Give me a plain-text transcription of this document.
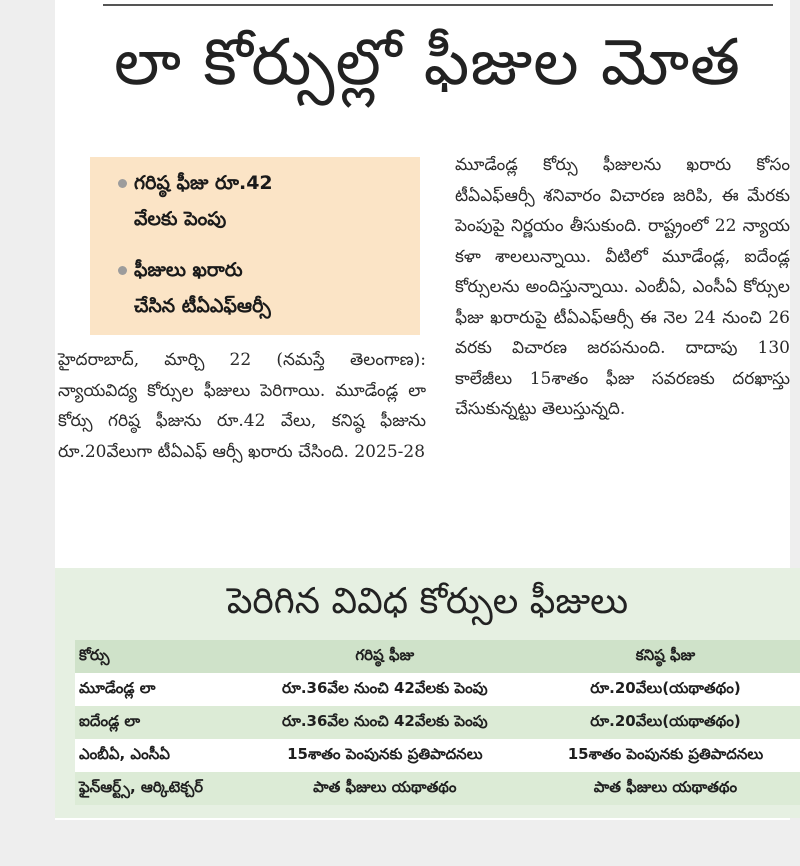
లా కోర్సుల్లో ఫీజుల మోత
గరిష్ఠ ఫీజు రూ.42
వేలకు పెంపు
ఫీజులు ఖరారు
చేసిన టీఏఎఫ్ఆర్సీ

హైదరాబాద్, మార్చి 22 (నమస్తే తెలంగాణ): న్యాయవిద్య కోర్సుల ఫీజులు పెరిగాయి. మూడేండ్ల లా కోర్సు గరిష్ఠ ఫీజును రూ.42 వేలు, కనిష్ఠ ఫీజును రూ.20వేలుగా టీఏఎఫ్ ఆర్సీ ఖరారు చేసింది. 2025-28

మూడేండ్ల కోర్సు ఫీజులను ఖరారు కోసం టీఏఎఫ్ఆర్సీ శనివారం విచారణ జరిపి, ఈ మేరకు పెంపుపై నిర్ణయం తీసుకుంది. రాష్ట్రంలో 22 న్యాయ కళా శాలలున్నాయి. వీటిలో మూడేండ్ల, ఐదేండ్ల కోర్సులను అందిస్తున్నాయి. ఎంబీఏ, ఎంసీఏ కోర్సుల ఫీజు ఖరారుపై టీఏఎఫ్ఆర్సీ ఈ నెల 24 నుంచి 26 వరకు విచారణ జరపనుంది. దాదాపు 130 కాలేజీలు 15శాతం ఫీజు సవరణకు దరఖాస్తు చేసుకున్నట్టు తెలుస్తున్నది.

పెరిగిన వివిధ కోర్సుల ఫీజులు
కోర్సు	గరిష్ఠ ఫీజు	కనిష్ఠ ఫీజు
మూడేండ్ల లా	రూ.36వేల నుంచి 42వేలకు పెంపు	రూ.20వేలు(యథాతథం)
ఐదేండ్ల లా	రూ.36వేల నుంచి 42వేలకు పెంపు	రూ.20వేలు(యథాతథం)
ఎంబీఏ, ఎంసీఏ	15శాతం పెంపునకు ప్రతిపాదనలు	15శాతం పెంపునకు ప్రతిపాదనలు
ఫైన్ఆర్ట్స్, ఆర్కిటెక్చర్	పాత ఫీజులు యథాతథం	పాత ఫీజులు యథాతథం
